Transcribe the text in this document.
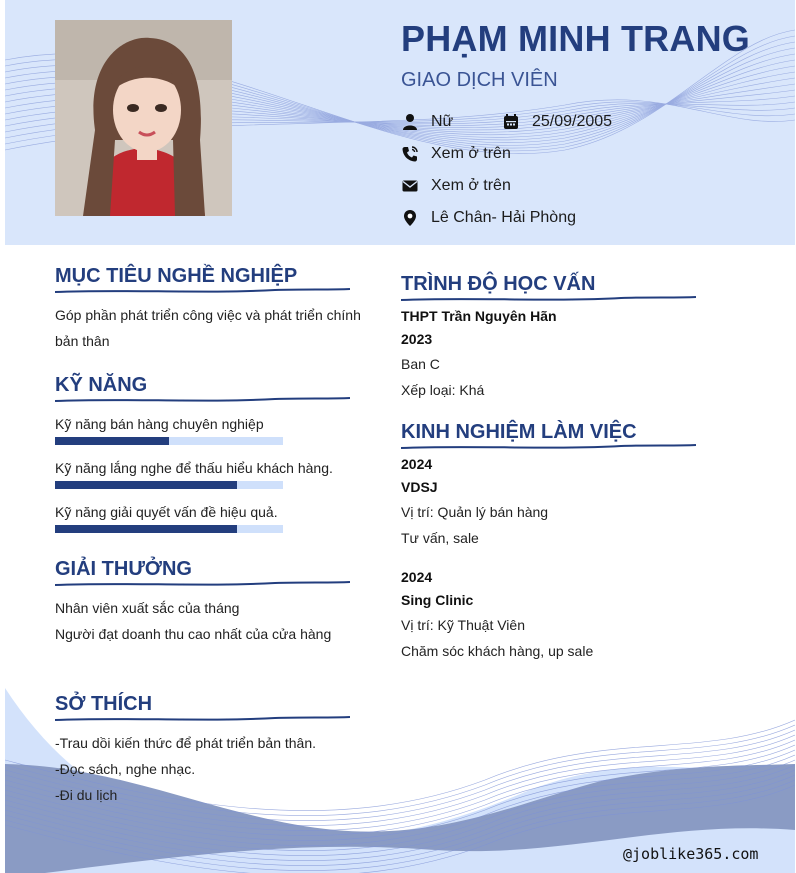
PHẠM MINH TRANG
GIAO DỊCH VIÊN
Nữ	25/09/2005
Xem ở trên
Xem ở trên
Lê Chân- Hải Phòng
@joblike365.com
MỤC TIÊU NGHỀ NGHIỆP
Góp phần phát triển công việc và phát triển chính bản thân
KỸ NĂNG
Kỹ năng bán hàng chuyên nghiệp
Kỹ năng lắng nghe để thấu hiểu khách hàng.
Kỹ năng giải quyết vấn đề hiệu quả.
GIẢI THƯỞNG
Nhân viên xuất sắc của tháng
Người đạt doanh thu cao nhất của cửa hàng
SỞ THÍCH
-Trau dồi kiến thức để phát triển bản thân.
-Đọc sách, nghe nhạc.
-Đi du lịch
TRÌNH ĐỘ HỌC VẤN
THPT Trần Nguyên Hãn
2023
Ban C
Xếp loại: Khá
KINH NGHIỆM LÀM VIỆC
2024
VDSJ
Vị trí: Quản lý bán hàng
Tư vấn, sale
2024
Sing Clinic
Vị trí: Kỹ Thuật Viên
Chăm sóc khách hàng, up sale
